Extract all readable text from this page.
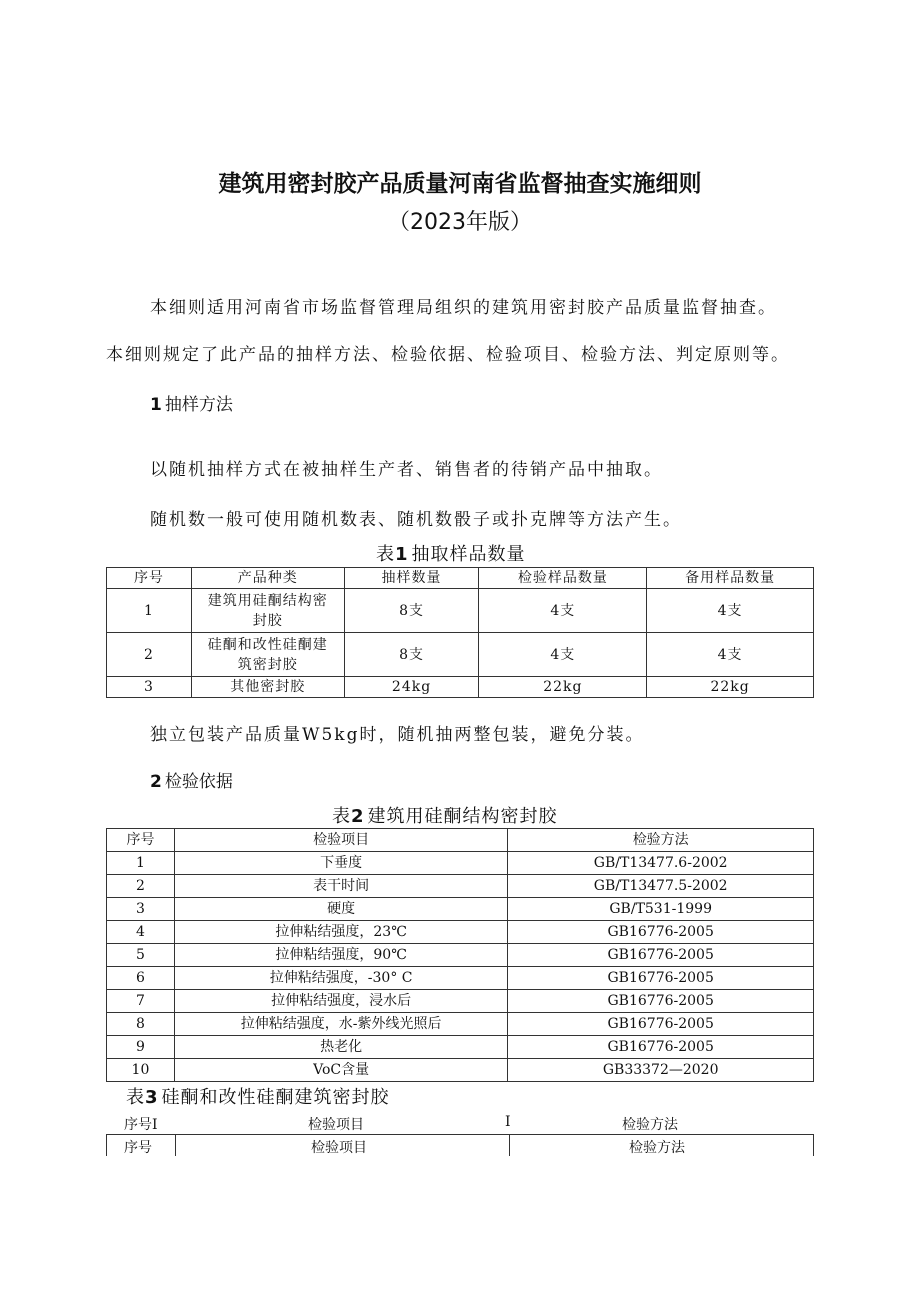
建筑用密封胶产品质量河南省监督抽查实施细则
（2023年版）
本细则适用河南省市场监督管理局组织的建筑用密封胶产品质量监督抽查。
本细则规定了此产品的抽样方法、检验依据、检验项目、检验方法、判定原则等。
1 抽样方法
以随机抽样方式在被抽样生产者、销售者的待销产品中抽取。
随机数一般可使用随机数表、随机数骰子或扑克牌等方法产生。
表1 抽取样品数量
序号	产品种类	抽样数量	检验样品数量	备用样品数量
1	建筑用硅酮结构密封胶	8支	4支	4支
2	硅酮和改性硅酮建筑密封胶	8支	4支	4支
3	其他密封胶	24kg	22kg	22kg
独立包装产品质量W5kg时，随机抽两整包装，避免分装。
2 检验依据
表2 建筑用硅酮结构密封胶
序号	检验项目	检验方法
1	下垂度	GB/T13477.6-2002
2	表干时间	GB/T13477.5-2002
3	硬度	GB/T531-1999
4	拉伸粘结强度，23℃	GB16776-2005
5	拉伸粘结强度，90℃	GB16776-2005
6	拉伸粘结强度，-30° C	GB16776-2005
7	拉伸粘结强度，浸水后	GB16776-2005
8	拉伸粘结强度，水-紫外线光照后	GB16776-2005
9	热老化	GB16776-2005
10	VoC含量	GB33372—2020
表3 硅酮和改性硅酮建筑密封胶
序号I	检验项目	I	检验方法
序号	检验项目	检验方法
